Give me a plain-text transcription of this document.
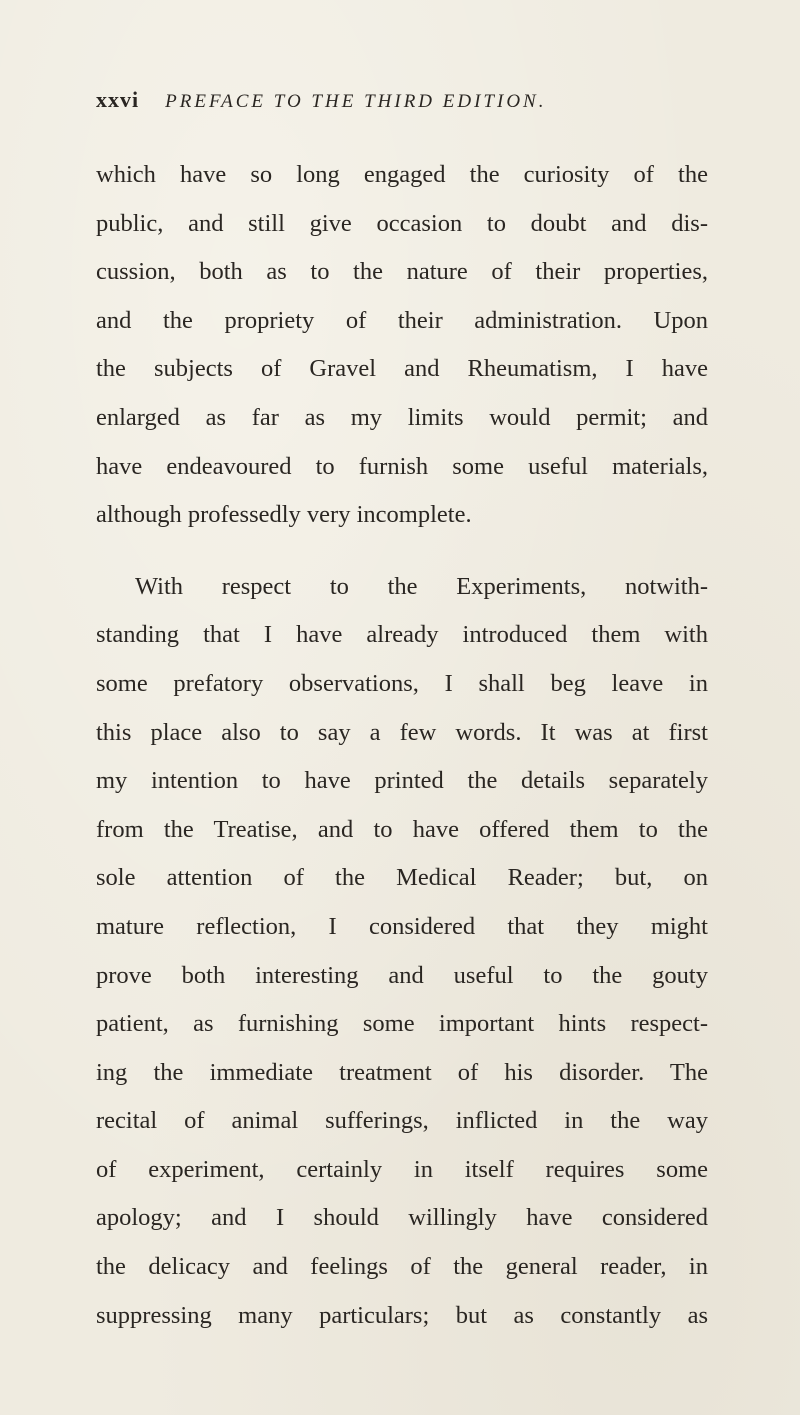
xxvi PREFACE TO THE THIRD EDITION.
which have so long engaged the curiosity of the
public, and still give occasion to doubt and dis-
cussion, both as to the nature of their properties,
and the propriety of their administration. Upon
the subjects of Gravel and Rheumatism, I have
enlarged as far as my limits would permit; and
have endeavoured to furnish some useful materials,
although professedly very incomplete.
With respect to the Experiments, notwith-
standing that I have already introduced them with
some prefatory observations, I shall beg leave in
this place also to say a few words. It was at first
my intention to have printed the details separately
from the Treatise, and to have offered them to the
sole attention of the Medical Reader; but, on
mature reflection, I considered that they might
prove both interesting and useful to the gouty
patient, as furnishing some important hints respect-
ing the immediate treatment of his disorder. The
recital of animal sufferings, inflicted in the way
of experiment, certainly in itself requires some
apology; and I should willingly have considered
the delicacy and feelings of the general reader, in
suppressing many particulars; but as constantly as
